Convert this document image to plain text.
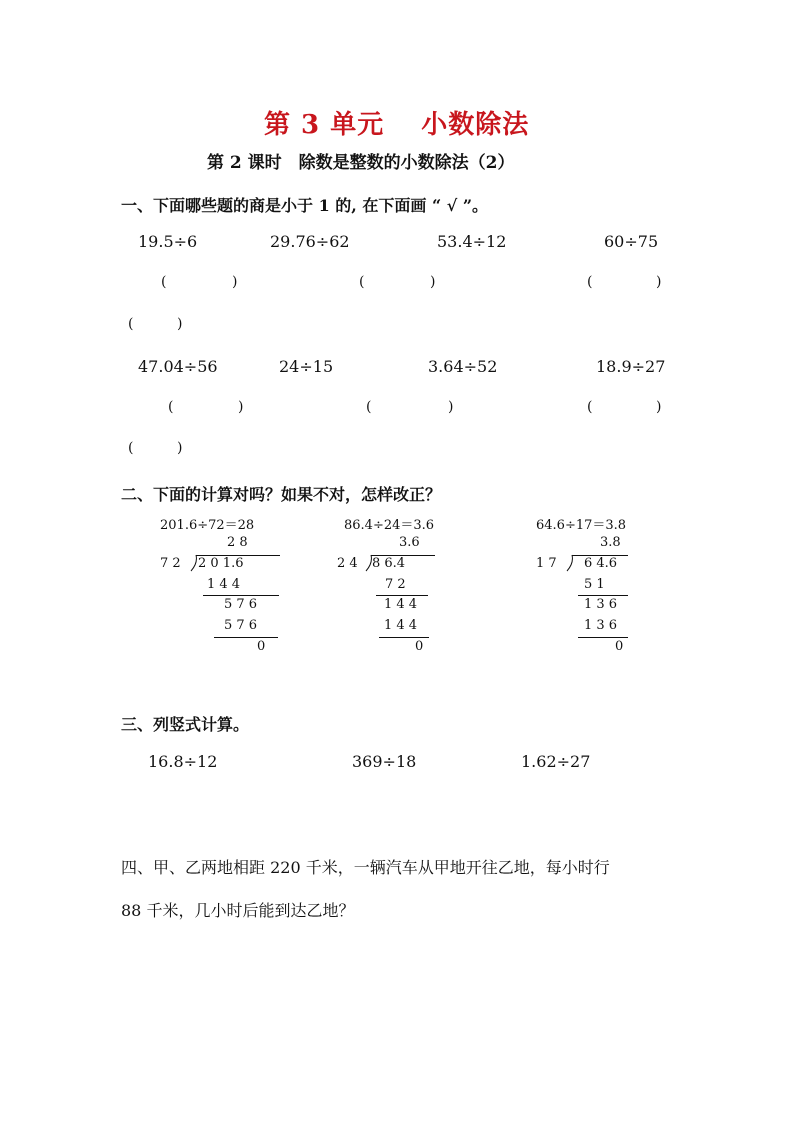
第 3 单元　 小数除法
第 2 课时　除数是整数的小数除法（2）
一、下面哪些题的商是小于 1 的, 在下面画 “ √ ”。
19.5÷6	29.76÷62	53.4÷12	60÷75
(	)	(	)	(	)
(	)
47.04÷56	24÷15	3.64÷52	18.9÷27
(	)	(	)	(	)
(	)
二、下面的计算对吗？如果不对，怎样改正？
201.6÷72＝28
2 8
7 2 2 0 1.6
1 4 4
5 7 6
5 7 6
0
86.4÷24＝3.6
3.6
2 4 8 6.4
7 2
1 4 4
1 4 4
0
64.6÷17＝3.8
3.8
1 7 6 4.6
5 1
1 3 6
1 3 6
0
三、列竖式计算。
16.8÷12	369÷18	1.62÷27
四、甲、乙两地相距 220 千米，一辆汽车从甲地开往乙地，每小时行
88 千米，几小时后能到达乙地？
